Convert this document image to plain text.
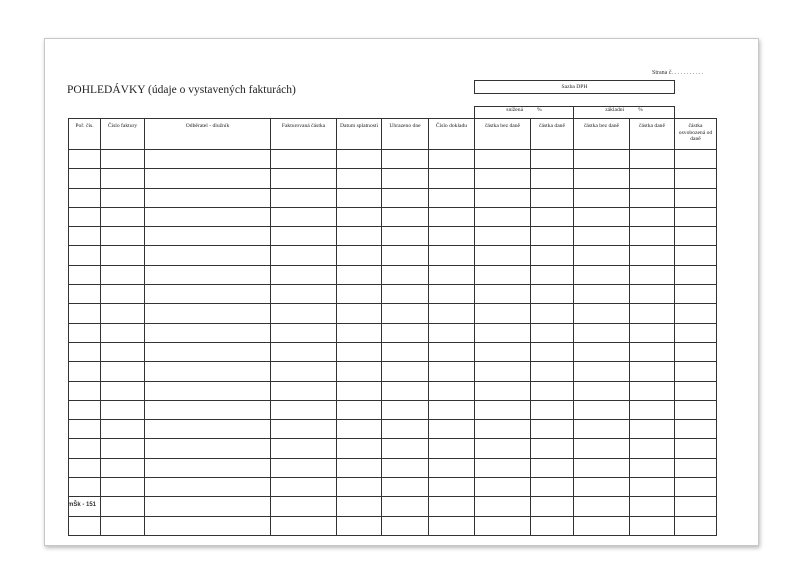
POHLEDÁVKY (údaje o vystavených fakturách)
Strana č. . . . . . . . . . .
Sazba DPH
							snížená %		základní %		
Poř. čís.	Číslo faktury	Odběratel - dlužník	Fakturovaná částka	Datum splatnosti	Uhrazeno dne	Číslo dokladu	částka bez daně	částka daně	částka bez daně	částka daně	částka osvobozená od daně

mŠk - 151
